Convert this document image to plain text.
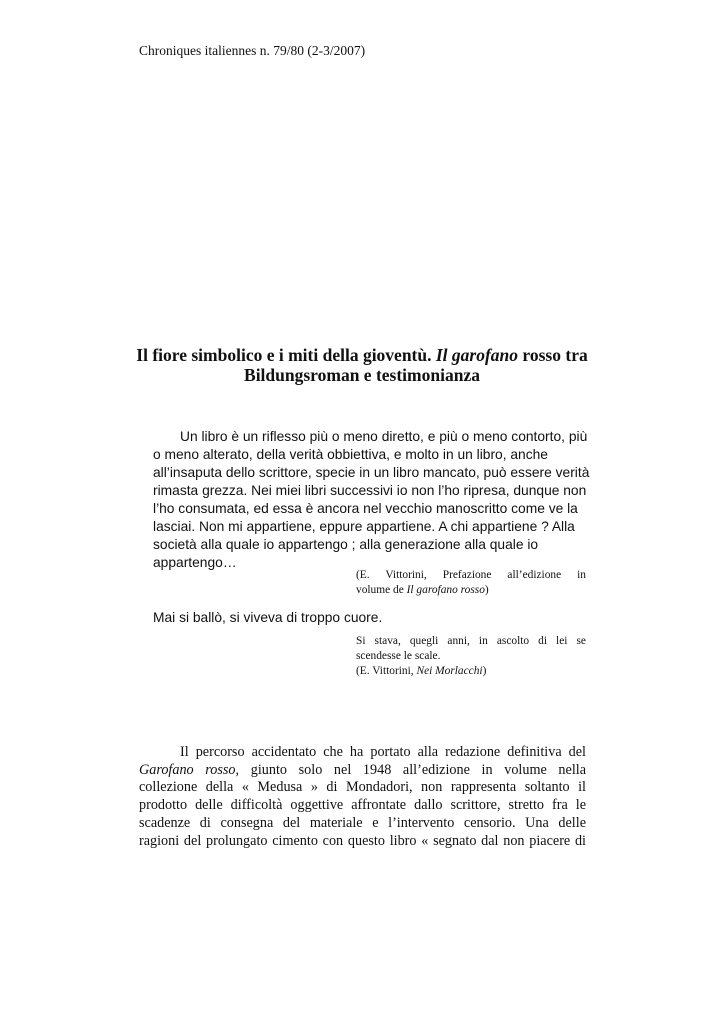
Chroniques italiennes n. 79/80 (2-3/2007)
Il fiore simbolico e i miti della gioventù. Il garofano rosso tra
Bildungsroman e testimonianza
Un libro è un riflesso più o meno diretto, e più o meno contorto, più
o meno alterato, della verità obbiettiva, e molto in un libro, anche
all’insaputa dello scrittore, specie in un libro mancato, può essere verità
rimasta grezza. Nei miei libri successivi io non l’ho ripresa, dunque non
l’ho consumata, ed essa è ancora nel vecchio manoscritto come ve la
lasciai. Non mi appartiene, eppure appartiene. A chi appartiene ? Alla
società alla quale io appartengo ; alla generazione alla quale io
appartengo…
(E. Vittorini, Prefazione all’edizione in
volume de Il garofano rosso)
Mai si ballò, si viveva di troppo cuore.
Si stava, quegli anni, in ascolto di lei se
scendesse le scale.
(E. Vittorini, Nei Morlacchi)
Il percorso accidentato che ha portato alla redazione definitiva del
Garofano rosso, giunto solo nel 1948 all’edizione in volume nella
collezione della « Medusa » di Mondadori, non rappresenta soltanto il
prodotto delle difficoltà oggettive affrontate dallo scrittore, stretto fra le
scadenze di consegna del materiale e l’intervento censorio. Una delle
ragioni del prolungato cimento con questo libro « segnato dal non piacere di
